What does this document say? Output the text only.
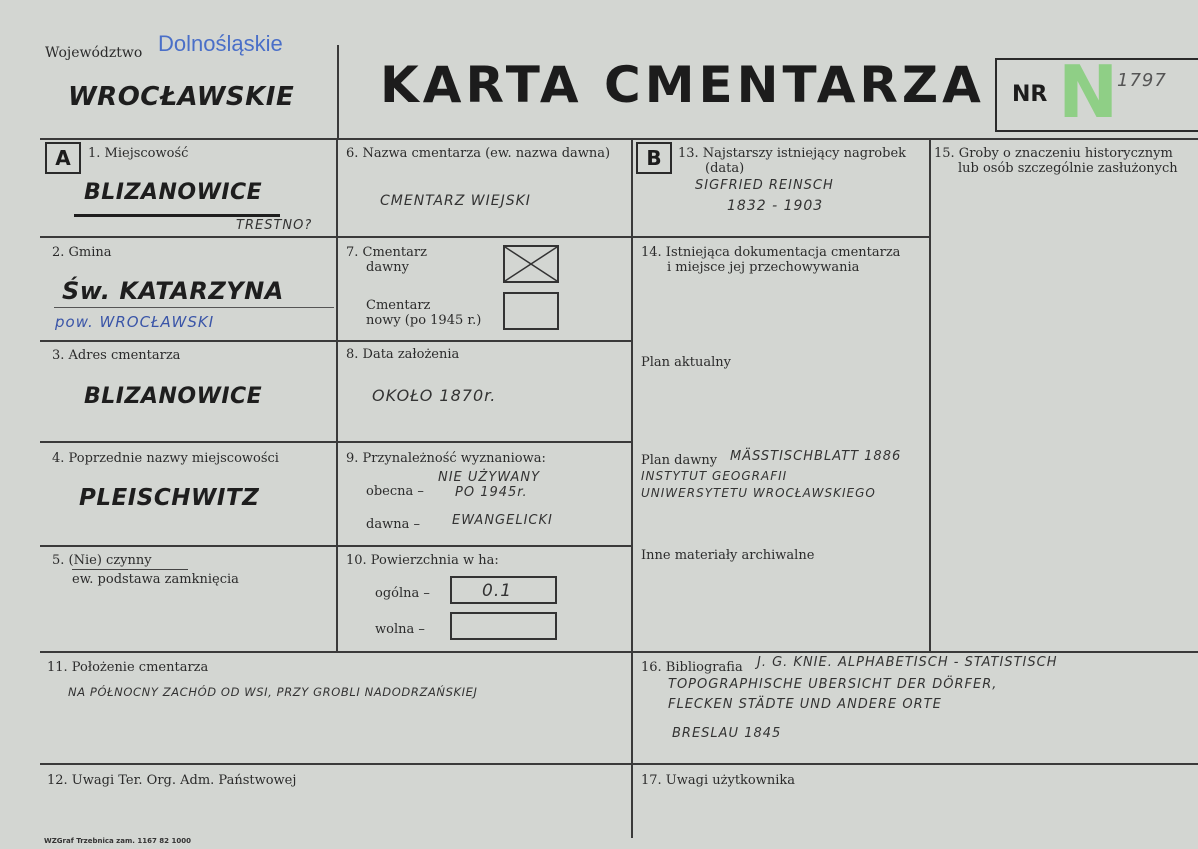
Województwo Dolnośląskie
WROCŁAWSKIE KARTA CMENTARZA NR N
1797
A	1. Miejscowość
BLIZANOWICE
TRESTNO?
2. Gmina
Św. KATARZYNA
pow. WROCŁAWSKI
3. Adres cmentarza
BLIZANOWICE
4. Poprzednie nazwy miejscowości
PLEISCHWITZ
5. (Nie) czynny
ew. podstawa zamknięcia
6. Nazwa cmentarza (ew. nazwa dawna)
CMENTARZ WIEJSKI
7. Cmentarz
dawny
Cmentarz
nowy (po 1945 r.)
8. Data założenia
OKOŁO 1870r.
9. Przynależność wyznaniowa:
obecna –
NIE UŻYWANY
PO 1945r.
dawna – EWANGELICKI
10. Powierzchnia w ha:
ogólna –	0.1
wolna –
B	13. Najstarszy istniejący nagrobek
(data)
SIGFRIED REINSCH
1832 - 1903
14. Istniejąca dokumentacja cmentarza
i miejsce jej przechowywania
Plan aktualny
Plan dawny MÄSSTISCHBLATT 1886
INSTYTUT GEOGRAFII
UNIWERSYTETU WROCŁAWSKIEGO
Inne materiały archiwalne
15. Groby o znaczeniu historycznym
lub osób szczególnie zasłużonych
11. Położenie cmentarza
NA PÓŁNOCNY ZACHÓD OD WSI, PRZY GROBLI NADODRZAŃSKIEJ
16. Bibliografia J. G. KNIE. ALPHABETISCH - STATISTISCH
TOPOGRAPHISCHE UBERSICHT DER DÖRFER,
FLECKEN STÄDTE UND ANDERE ORTE
BRESLAU 1845
12. Uwagi Ter. Org. Adm. Państwowej	17. Uwagi użytkownika
WZGraf Trzebnica zam. 1167 82 1000
